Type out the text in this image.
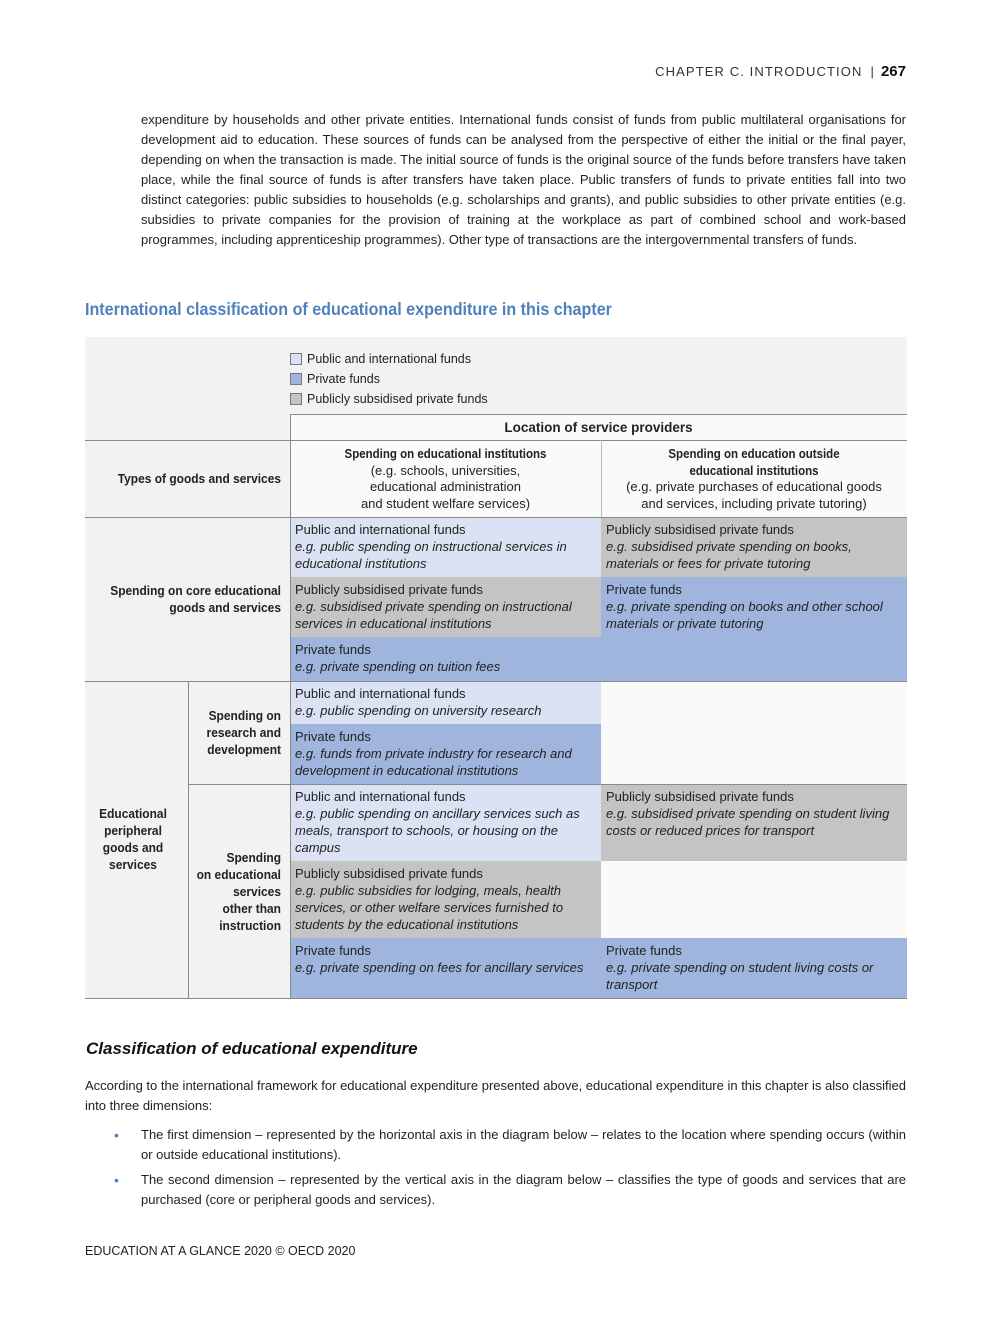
CHAPTER C. INTRODUCTION | 267

expenditure by households and other private entities. International funds consist of funds from public multilateral organisations for development aid to education. These sources of funds can be analysed from the perspective of either the initial or the final payer, depending on when the transaction is made. The initial source of funds is the original source of the funds before transfers have taken place, while the final source of funds is after transfers have taken place. Public transfers of funds to private entities fall into two distinct categories: public subsidies to households (e.g. scholarships and grants), and public subsidies to other private entities (e.g. subsidies to private companies for the provision of training at the workplace as part of combined school and work-based programmes, including apprenticeship programmes). Other type of transactions are the intergovernmental transfers of funds.

International classification of educational expenditure in this chapter
Public and international funds
Private funds
Publicly subsidised private funds
Location of service providers
Spending on educational institutions
(e.g. schools, universities,
educational administration
and student welfare services)
Spending on education outside
educational institutions
(e.g. private purchases of educational goods
and services, including private tutoring)
Types of goods and services
Spending on core educational
goods and services
Public and international funds
e.g. public spending on instructional services in educational institutions
Publicly subsidised private funds
e.g. subsidised private spending on instructional services in educational institutions
Private funds
e.g. private spending on tuition fees
Publicly subsidised private funds
e.g. subsidised private spending on books, materials or fees for private tutoring
Private funds
e.g. private spending on books and other school materials or private tutoring
Educational
peripheral
goods and
services
Spending on
research and
development
Spending
on educational
services
other than
instruction
Public and international funds
e.g. public spending on university research
Private funds
e.g. funds from private industry for research and development in educational institutions
Public and international funds
e.g. public spending on ancillary services such as meals, transport to schools, or housing on the campus
Publicly subsidised private funds
e.g. public subsidies for lodging, meals, health services, or other welfare services furnished to students by the educational institutions
Private funds
e.g. private spending on fees for ancillary services
Publicly subsidised private funds
e.g. subsidised private spending on student living costs or reduced prices for transport
Private funds
e.g. private spending on student living costs or transport
Classification of educational expenditure

According to the international framework for educational expenditure presented above, educational expenditure in this chapter is also classified into three dimensions:

• The first dimension – represented by the horizontal axis in the diagram below – relates to the location where spending occurs (within or outside educational institutions).
• The second dimension – represented by the vertical axis in the diagram below – classifies the type of goods and services that are purchased (core or peripheral goods and services).
EDUCATION AT A GLANCE 2020 © OECD 2020
